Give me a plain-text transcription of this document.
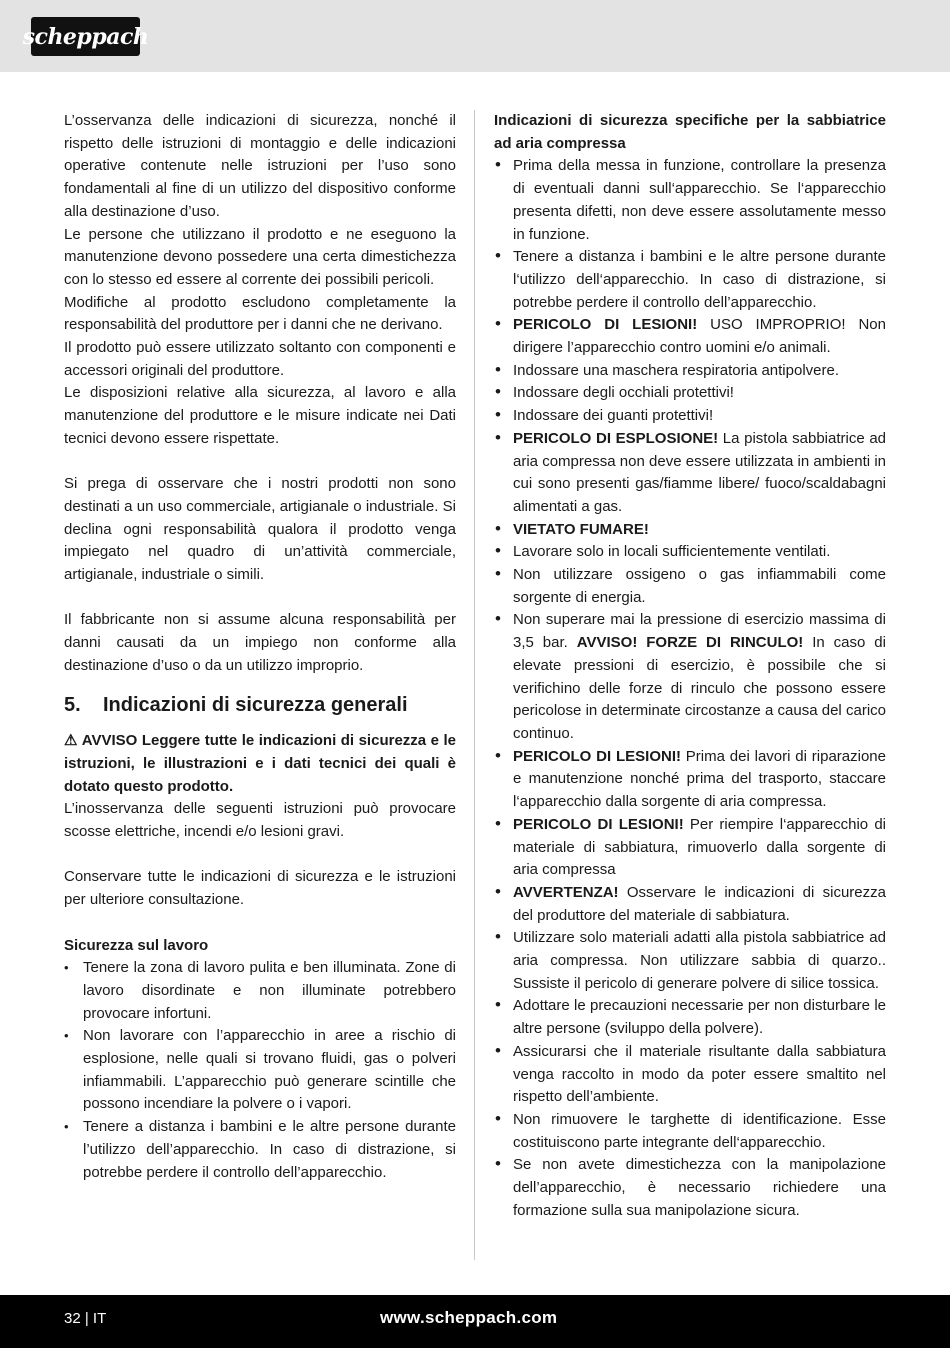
scheppach

L’osservanza delle indicazioni di sicurezza, nonché il rispetto delle istruzioni di montaggio e delle indicazioni operative contenute nelle istruzioni per l’uso sono fondamentali al fine di un utilizzo del dispositivo conforme alla destinazione d’uso.

Le persone che utilizzano il prodotto e ne eseguono la manutenzione devono possedere una certa dimestichezza con lo stesso ed essere al corrente dei possibili pericoli.

Modifiche al prodotto escludono completamente la responsabilità del produttore per i danni che ne derivano.

Il prodotto può essere utilizzato soltanto con componenti e accessori originali del produttore.

Le disposizioni relative alla sicurezza, al lavoro e alla manutenzione del produttore e le misure indicate nei Dati tecnici devono essere rispettate.

Si prega di osservare che i nostri prodotti non sono destinati a un uso commerciale, artigianale o industriale. Si declina ogni responsabilità qualora il prodotto venga impiegato nel quadro di un’attività commerciale, artigianale, industriale o simili.

Il fabbricante non si assume alcuna responsabilità per danni causati da un impiego non conforme alla destinazione d’uso o da un utilizzo improprio.

5.	Indicazioni di sicurezza generali

⚠ AVVISO Leggere tutte le indicazioni di sicurezza e le istruzioni, le illustrazioni e i dati tecnici dei quali è dotato questo prodotto.

L’inosservanza delle seguenti istruzioni può provocare scosse elettriche, incendi e/o lesioni gravi.

Conservare tutte le indicazioni di sicurezza e le istruzioni per ulteriore consultazione.

Sicurezza sul lavoro

• Tenere la zona di lavoro pulita e ben illuminata. Zone di lavoro disordinate e non illuminate potrebbero provocare infortuni.
• Non lavorare con l’apparecchio in aree a rischio di esplosione, nelle quali si trovano fluidi, gas o polveri infiammabili. L’apparecchio può generare scintille che possono incendiare la polvere o i vapori.
• Tenere a distanza i bambini e le altre persone durante l’utilizzo dell’apparecchio. In caso di distrazione, si potrebbe perdere il controllo dell’apparecchio.

Indicazioni di sicurezza specifiche per la sabbiatrice ad aria compressa

• Prima della messa in funzione, controllare la presenza di eventuali danni sull‘apparecchio. Se l‘apparecchio presenta difetti, non deve essere assolutamente messo in funzione.
• Tenere a distanza i bambini e le altre persone durante l‘utilizzo dell‘apparecchio. In caso di distrazione, si potrebbe perdere il controllo dell’apparecchio.
• PERICOLO DI LESIONI! USO IMPROPRIO! Non dirigere l’apparecchio contro uomini e/o animali.
• Indossare una maschera respiratoria antipolvere.
• Indossare degli occhiali protettivi!
• Indossare dei guanti protettivi!
• PERICOLO DI ESPLOSIONE! La pistola sabbiatrice ad aria compressa non deve essere utilizzata in ambienti in cui sono presenti gas/fiamme libere/ fuoco/scaldabagni alimentati a gas.
• VIETATO FUMARE!
• Lavorare solo in locali sufficientemente ventilati.
• Non utilizzare ossigeno o gas infiammabili come sorgente di energia.
• Non superare mai la pressione di esercizio massima di 3,5 bar. AVVISO! FORZE DI RINCULO! In caso di elevate pressioni di esercizio, è possibile che si verifichino delle forze di rinculo che possono essere pericolose in determinate circostanze a causa del carico continuo.
• PERICOLO DI LESIONI! Prima dei lavori di riparazione e manutenzione nonché prima del trasporto, staccare l‘apparecchio dalla sorgente di aria compressa.
• PERICOLO DI LESIONI! Per riempire l‘apparecchio di materiale di sabbiatura, rimuoverlo dalla sorgente di aria compressa
• AVVERTENZA! Osservare le indicazioni di sicurezza del produttore del materiale di sabbiatura.
• Utilizzare solo materiali adatti alla pistola sabbiatrice ad aria compressa. Non utilizzare sabbia di quarzo.. Sussiste il pericolo di generare polvere di silice tossica.
• Adottare le precauzioni necessarie per non disturbare le altre persone (sviluppo della polvere).
• Assicurarsi che il materiale risultante dalla sabbiatura venga raccolto in modo da poter essere smaltito nel rispetto dell’ambiente.
• Non rimuovere le targhette di identificazione. Esse costituiscono parte integrante dell‘apparecchio.
• Se non avete dimestichezza con la manipolazione dell’apparecchio, è necessario richiedere una formazione sulla sua manipolazione sicura.
32 | IT	www.scheppach.com
